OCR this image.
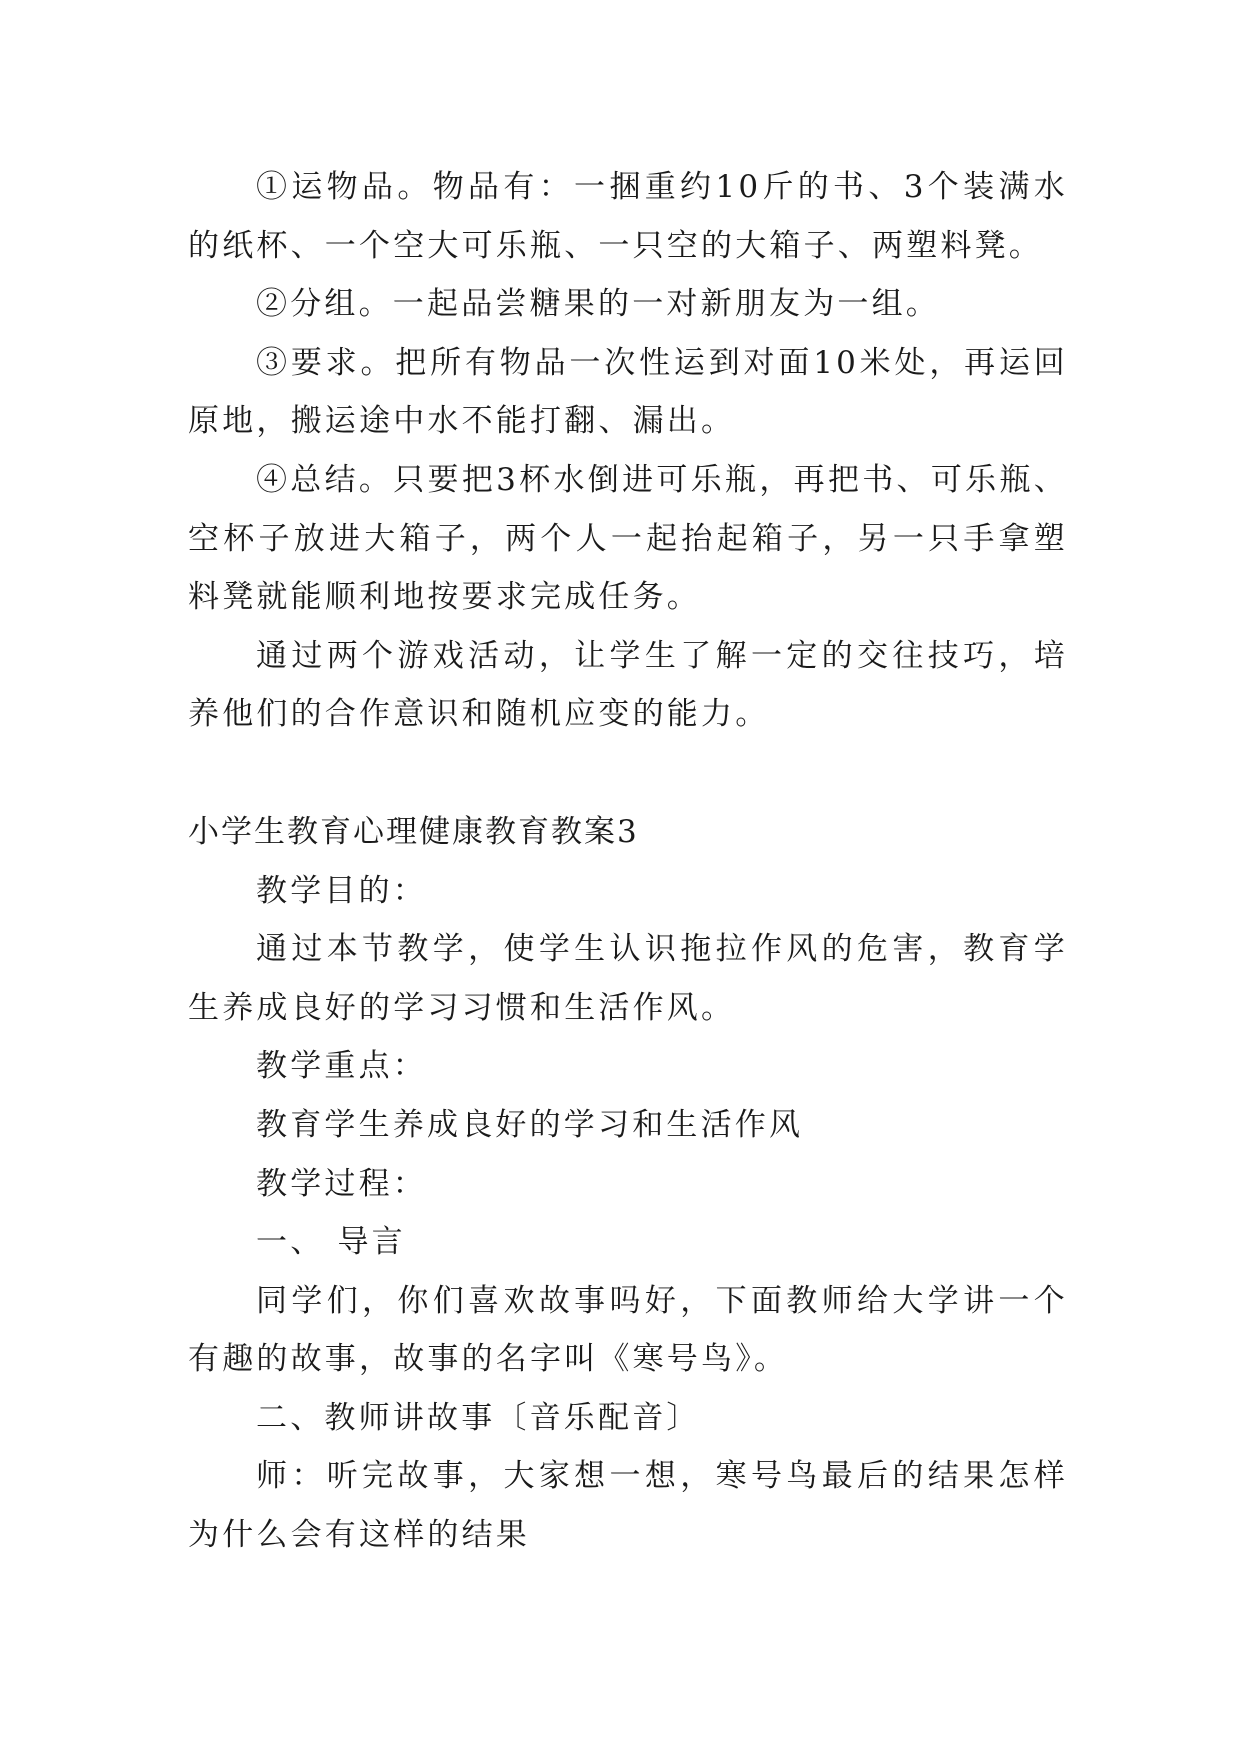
①运物品。物品有：一捆重约10斤的书、3个装满水的纸杯、一个空大可乐瓶、一只空的大箱子、两塑料凳。

②分组。一起品尝糖果的一对新朋友为一组。

③要求。把所有物品一次性运到对面10米处，再运回原地，搬运途中水不能打翻、漏出。

④总结。只要把3杯水倒进可乐瓶，再把书、可乐瓶、空杯子放进大箱子，两个人一起抬起箱子，另一只手拿塑料凳就能顺利地按要求完成任务。

通过两个游戏活动，让学生了解一定的交往技巧，培养他们的合作意识和随机应变的能力。

小学生教育心理健康教育教案3

教学目的：

通过本节教学，使学生认识拖拉作风的危害，教育学生养成良好的学习习惯和生活作风。

教学重点：

教育学生养成良好的学习和生活作风

教学过程：

一、 导言

同学们，你们喜欢故事吗好，下面教师给大学讲一个有趣的故事，故事的名字叫《寒号鸟》。

二、教师讲故事〔音乐配音〕

师：听完故事，大家想一想，寒号鸟最后的结果怎样为什么会有这样的结果
